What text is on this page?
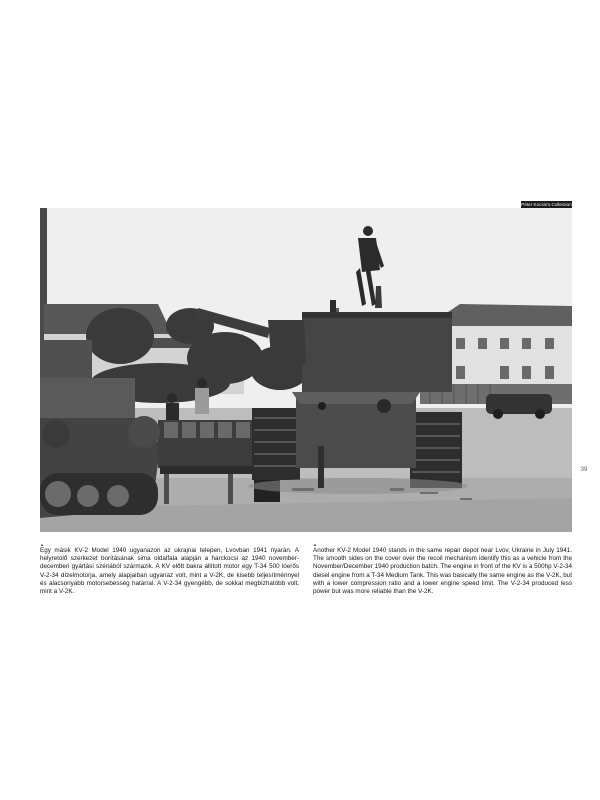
Péter Kocsis's Collection
39
▲

Egy másik KV-2 Model 1940 ugyanazon az ukrajnai telepen, Lvovban 1941 nyarán. A helyretolő szerkezet borításának sima oldalfala alapján a harckocsi az 1940 november-decemberi gyártási szériából származik. A KV előtt bakra állított motor egy T-34 500 lóerős V-2-34 dízelmotorja, amely alapjaiban ugyanaz volt, mint a V-2K, de kisebb teljesítménnyel és alacsonyabb motorsebesség határral. A V-2-34 gyengébb, de sokkal megbízhatóbb volt, mint a V-2K.

▲

Another KV-2 Model 1940 stands in the same repair depot near Lvov, Ukraine in July 1941. The smooth sides on the cover over the recoil mechanism identify this as a vehicle from the November/December 1940 production batch. The engine in front of the KV is a 500hp V-2-34 diesel engine from a T-34 Medium Tank. This was basically the same engine as the V-2K, but with a lower compression ratio and a lower engine speed limit. The V-2-34 produced less power but was more reliable than the V-2K.
